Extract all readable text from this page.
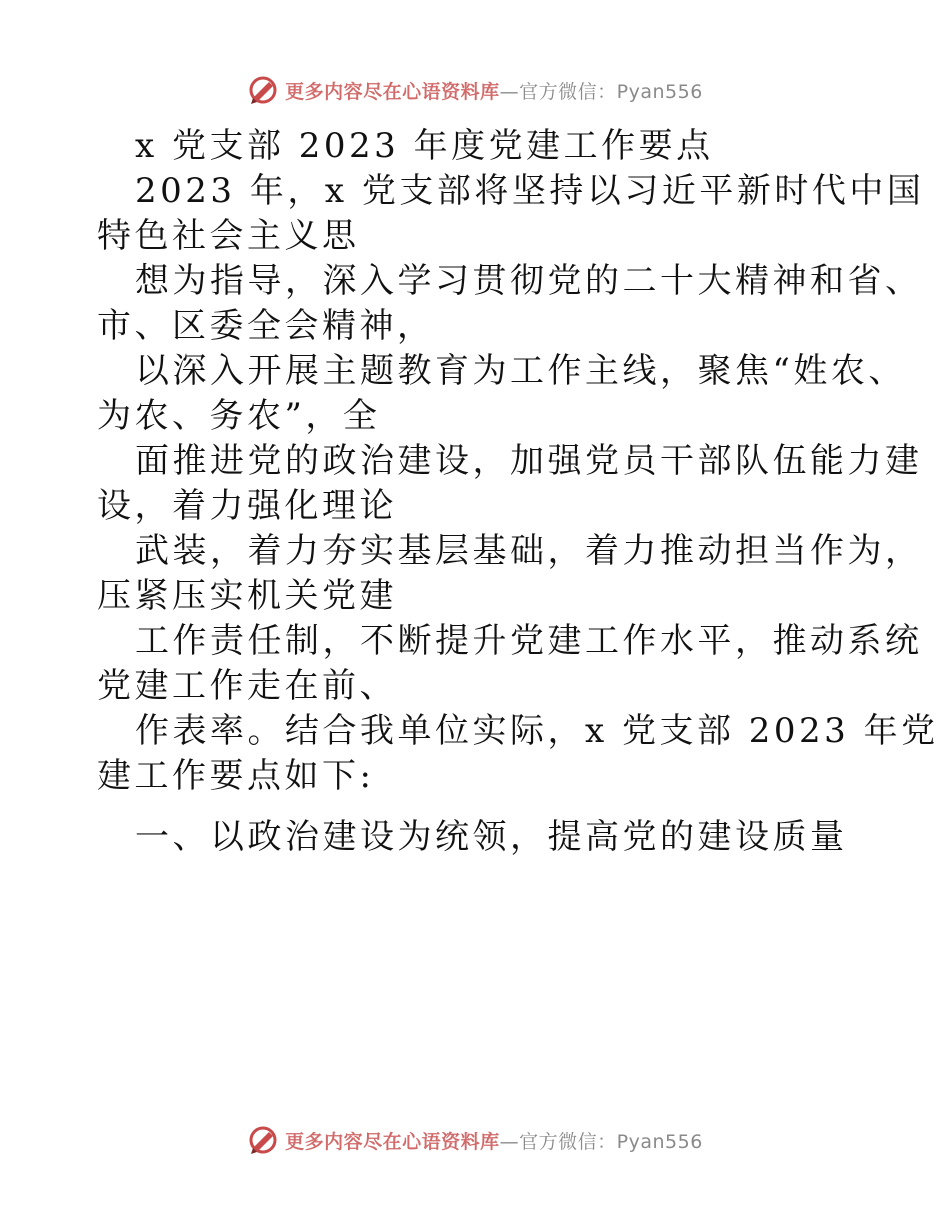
更多内容尽在心语资料库—官方微信：Pyan556
x 党支部 2023 年度党建工作要点
2023 年，x 党支部将坚持以习近平新时代中国
特色社会主义思
想为指导，深入学习贯彻党的二十大精神和省、
市、区委全会精神，
以深入开展主题教育为工作主线，聚焦“姓农、
为农、务农”，全
面推进党的政治建设，加强党员干部队伍能力建
设，着力强化理论
武装，着力夯实基层基础，着力推动担当作为，
压紧压实机关党建
工作责任制，不断提升党建工作水平，推动系统
党建工作走在前、
作表率。结合我单位实际，x 党支部 2023 年党
建工作要点如下:
一、以政治建设为统领，提高党的建设质量
更多内容尽在心语资料库—官方微信：Pyan556
